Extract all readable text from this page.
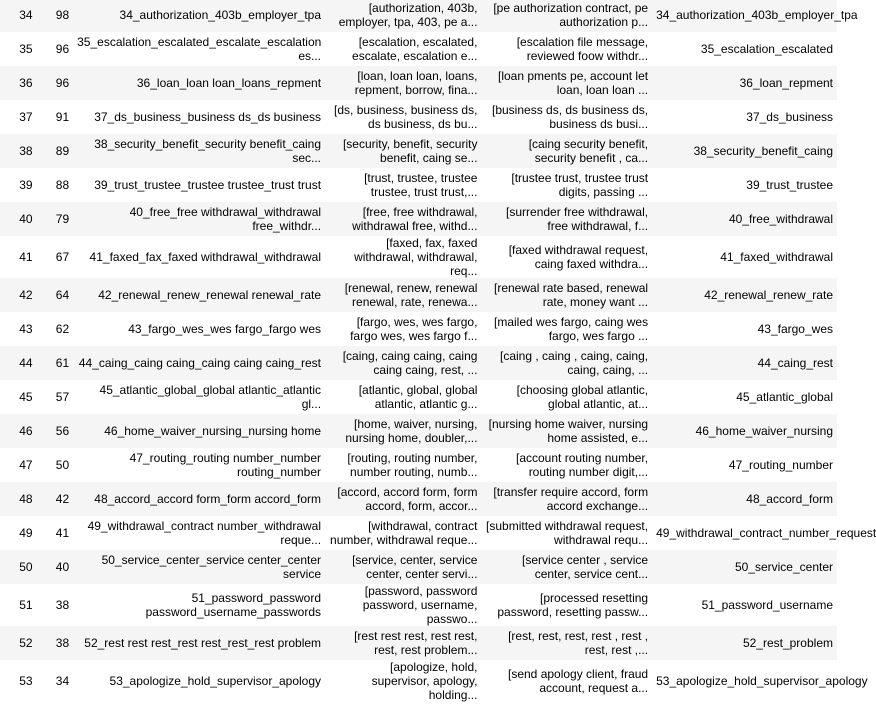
34	98	34_authorization_403b_employer_tpa	[authorization, 403b, employer, tpa, 403, pe a...	[pe authorization contract, pe authorization p...	34_authorization_403b_employer_tpa
35	96	35_escalation_escalated_escalate_escalation es...	[escalation, escalated, escalate, escalation e...	[escalation file message, reviewed foow withdr...	35_escalation_escalated
36	96	36_loan_loan loan_loans_repment	[loan, loan loan, loans, repment, borrow, fina...	[loan pments pe, account let loan, loan loan ...	36_loan_repment
37	91	37_ds_business_business ds_ds business	[ds, business, business ds, ds business, ds bu...	[business ds, ds business ds, business ds busi...	37_ds_business
38	89	38_security_benefit_security benefit_caing sec...	[security, benefit, security benefit, caing se...	[caing security benefit, security benefit , ca...	38_security_benefit_caing
39	88	39_trust_trustee_trustee trustee_trust trust	[trust, trustee, trustee trustee, trust trust,...	[trustee trust, trustee trust digits, passing ...	39_trust_trustee
40	79	40_free_free withdrawal_withdrawal free_withdr...	[free, free withdrawal, withdrawal free, withd...	[surrender free withdrawal, free withdrawal, f...	40_free_withdrawal
41	67	41_faxed_fax_faxed withdrawal_withdrawal	[faxed, fax, faxed withdrawal, withdrawal, req...	[faxed withdrawal request, caing faxed withdra...	41_faxed_withdrawal
42	64	42_renewal_renew_renewal renewal_rate	[renewal, renew, renewal renewal, rate, renewa...	[renewal rate based, renewal rate, money want ...	42_renewal_renew_rate
43	62	43_fargo_wes_wes fargo_fargo wes	[fargo, wes, wes fargo, fargo wes, wes fargo f...	[mailed wes fargo, caing wes fargo, wes fargo ...	43_fargo_wes
44	61	44_caing_caing caing_caing caing caing_rest	[caing, caing caing, caing caing caing, rest, ...	[caing , caing , caing, caing, caing, caing, ...	44_caing_rest
45	57	45_atlantic_global_global atlantic_atlantic gl...	[atlantic, global, global atlantic, atlantic g...	[choosing global atlantic, global atlantic, at...	45_atlantic_global
46	56	46_home_waiver_nursing_nursing home	[home, waiver, nursing, nursing home, doubler,...	[nursing home waiver, nursing home assisted, e...	46_home_waiver_nursing
47	50	47_routing_routing number_number routing_number	[routing, routing number, number routing, numb...	[account routing number, routing number digit,...	47_routing_number
48	42	48_accord_accord form_form accord_form	[accord, accord form, form accord, form, accor...	[transfer require accord, form accord exchange...	48_accord_form
49	41	49_withdrawal_contract number_withdrawal reque...	[withdrawal, contract number, withdrawal reque...	[submitted withdrawal request, withdrawal requ...	49_withdrawal_contract_number_request
50	40	50_service_center_service center_center service	[service, center, service center, center servi...	[service center , service center, service cent...	50_service_center
51	38	51_password_password password_username_passwords	[password, password password, username, passwo...	[processed resetting password, resetting passw...	51_password_username
52	38	52_rest rest rest_rest rest_rest_rest problem	[rest rest rest, rest rest, rest, rest problem...	[rest, rest, rest, rest , rest , rest, rest ,...	52_rest_problem
53	34	53_apologize_hold_supervisor_apology	[apologize, hold, supervisor, apology, holding...	[send apology client, fraud account, request a...	53_apologize_hold_supervisor_apology
